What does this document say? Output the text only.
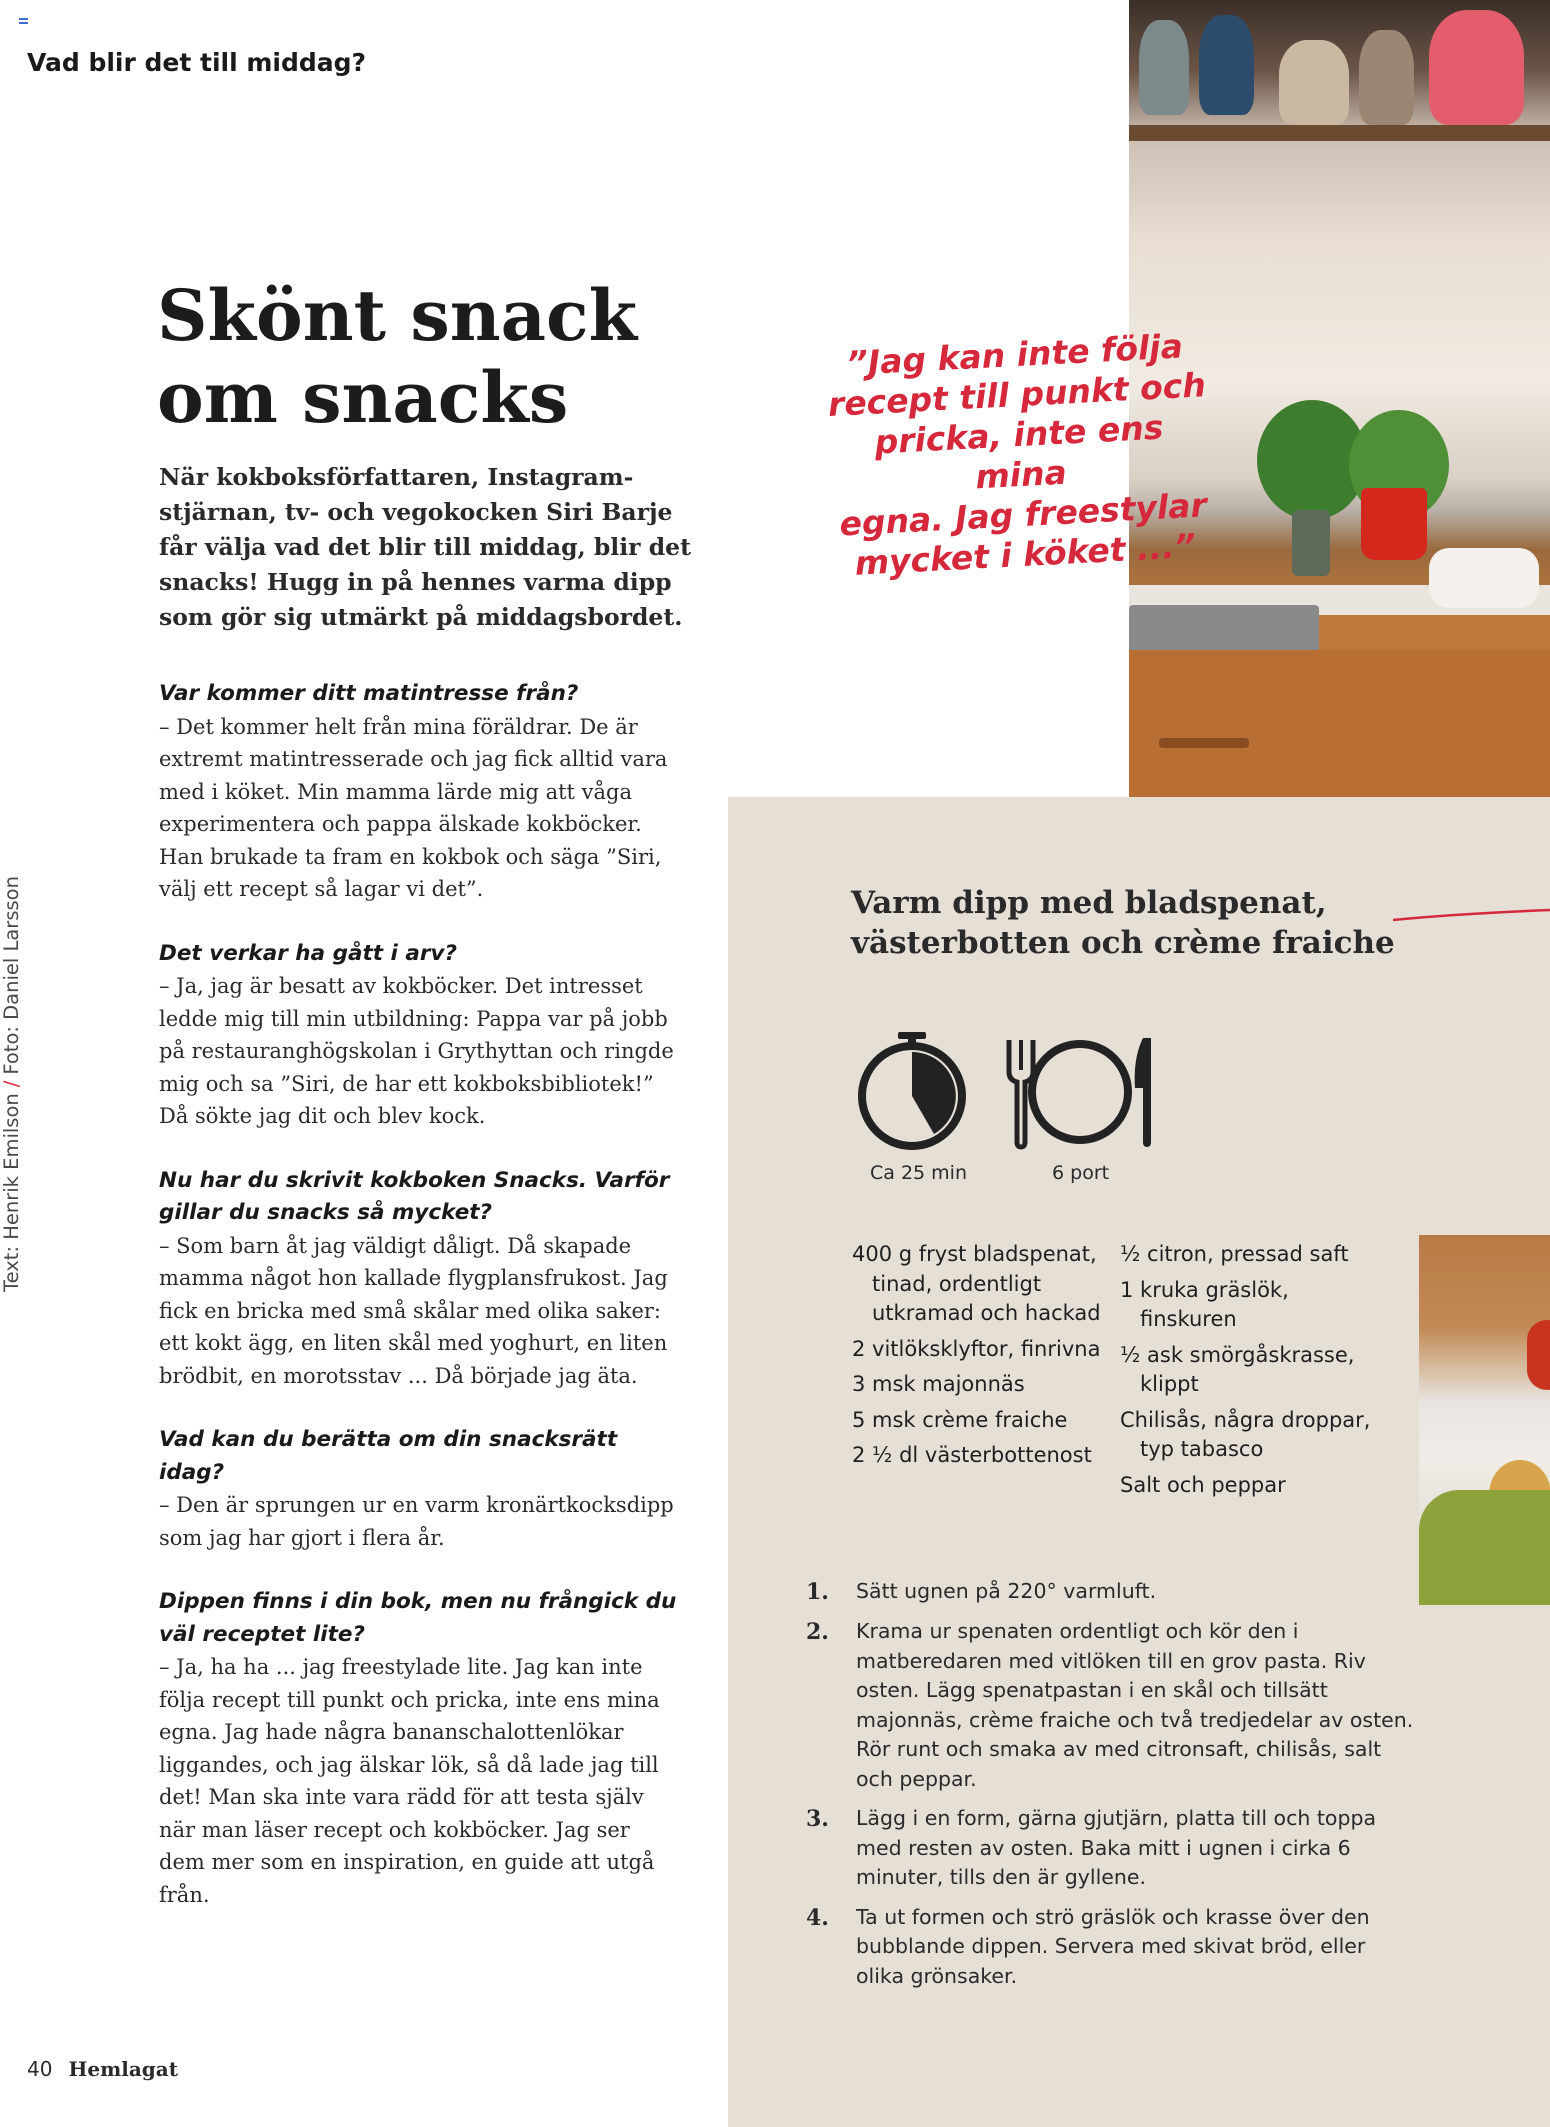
Vad blir det till middag?
”Jag kan inte följa
recept till punkt och
pricka, inte ens mina
egna. Jag freestylar
mycket i köket ...”
Skönt snack
om snacks
När kokboksförfattaren, Instagram-stjärnan, tv- och vegokocken Siri Barje får välja vad det blir till middag, blir det snacks! Hugg in på hennes varma dipp som gör sig utmärkt på middagsbordet.
Var kommer ditt matintresse från?
– Det kommer helt från mina föräldrar. De är extremt matintresserade och jag fick alltid vara med i köket. Min mamma lärde mig att våga experimentera och pappa älskade kokböcker. Han brukade ta fram en kokbok och säga ”Siri, välj ett recept så lagar vi det”.
Det verkar ha gått i arv?
– Ja, jag är besatt av kokböcker. Det intresset ledde mig till min utbildning: Pappa var på jobb på restauranghögskolan i Grythyttan och ringde mig och sa ”Siri, de har ett kokboksbibliotek!” Då sökte jag dit och blev kock.
Nu har du skrivit kokboken Snacks. Varför gillar du snacks så mycket?
– Som barn åt jag väldigt dåligt. Då skapade mamma något hon kallade flygplansfrukost. Jag fick en bricka med små skålar med olika saker: ett kokt ägg, en liten skål med yoghurt, en liten brödbit, en morotsstav ... Då började jag äta.
Vad kan du berätta om din snacksrätt idag?
– Den är sprungen ur en varm kronärtkocksdipp som jag har gjort i flera år.
Dippen finns i din bok, men nu frångick du väl receptet lite?
– Ja, ha ha ... jag freestylade lite. Jag kan inte följa recept till punkt och pricka, inte ens mina egna. Jag hade några bananschalottenlökar liggandes, och jag älskar lök, så då lade jag till det! Man ska inte vara rädd för att testa själv när man läser recept och kokböcker. Jag ser dem mer som en inspiration, en guide att utgå från.
Text: Henrik Emilson/Foto: Daniel Larsson
40 Hemlagat
Varm dipp med bladspenat, västerbotten och crème fraiche
Ca 25 min	6 port
400 g fryst bladspenat, tinad, ordentligt utkramad och hackad
2 vitlöksklyftor, finrivna
3 msk majonnäs
5 msk crème fraiche
2 ½ dl västerbottenost
½ citron, pressad saft
1 kruka gräslök, finskuren
½ ask smörgåskrasse, klippt
Chilisås, några droppar, typ tabasco
Salt och peppar
1.	Sätt ugnen på 220° varmluft.
2.	Krama ur spenaten ordentligt och kör den i matberedaren med vitlöken till en grov pasta. Riv osten. Lägg spenatpastan i en skål och tillsätt majonnäs, crème fraiche och två tredjedelar av osten. Rör runt och smaka av med citronsaft, chilisås, salt och peppar.
3.	Lägg i en form, gärna gjutjärn, platta till och toppa med resten av osten. Baka mitt i ugnen i cirka 6 minuter, tills den är gyllene.
4.	Ta ut formen och strö gräslök och krasse över den bubblande dippen. Servera med skivat bröd, eller olika grönsaker.
